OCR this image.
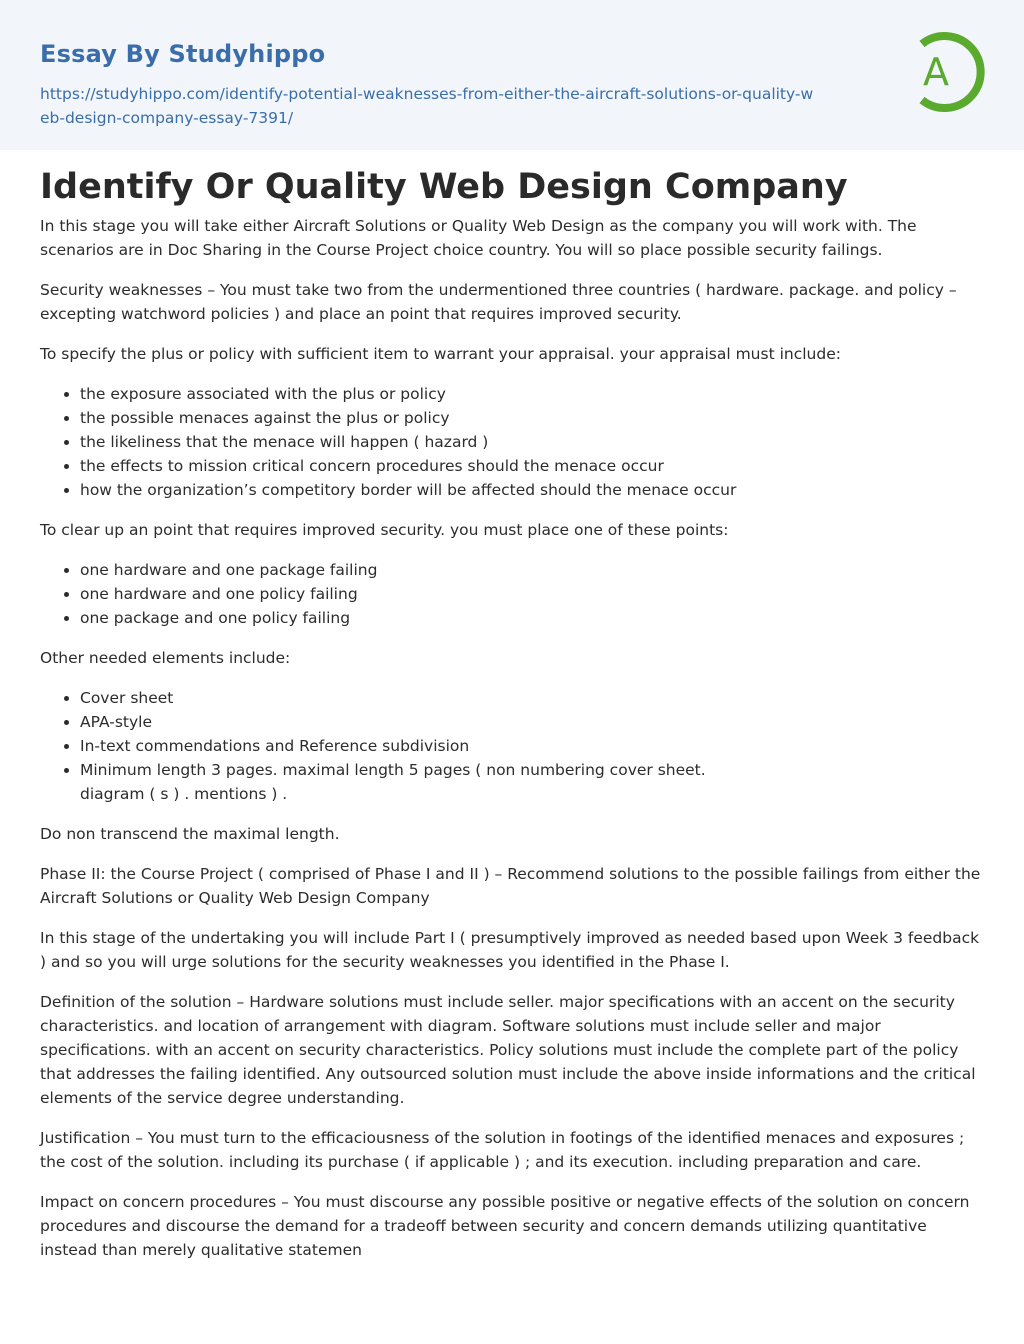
Essay By Studyhippo
https://studyhippo.com/identify-potential-weaknesses-from-either-the-aircraft-solutions-or-quality-web-design-company-essay-7391/
A
Identify Or Quality Web Design Company

In this stage you will take either Aircraft Solutions or Quality Web Design as the company you will work with. The scenarios are in Doc Sharing in the Course Project choice country. You will so place possible security failings.

Security weaknesses – You must take two from the undermentioned three countries ( hardware. package. and policy – excepting watchword policies ) and place an point that requires improved security.

To specify the plus or policy with sufficient item to warrant your appraisal. your appraisal must include:

• the exposure associated with the plus or policy
• the possible menaces against the plus or policy
• the likeliness that the menace will happen ( hazard )
• the effects to mission critical concern procedures should the menace occur
• how the organization’s competitory border will be affected should the menace occur

To clear up an point that requires improved security. you must place one of these points:

• one hardware and one package failing
• one hardware and one policy failing
• one package and one policy failing

Other needed elements include:

• Cover sheet
• APA-style
• In-text commendations and Reference subdivision
• Minimum length 3 pages. maximal length 5 pages ( non numbering cover sheet. diagram ( s ) . mentions ) .

Do non transcend the maximal length.

Phase II: the Course Project ( comprised of Phase I and II ) – Recommend solutions to the possible failings from either the Aircraft Solutions or Quality Web Design Company

In this stage of the undertaking you will include Part I ( presumptively improved as needed based upon Week 3 feedback ) and so you will urge solutions for the security weaknesses you identified in the Phase I.

Definition of the solution – Hardware solutions must include seller. major specifications with an accent on the security characteristics. and location of arrangement with diagram. Software solutions must include seller and major specifications. with an accent on security characteristics. Policy solutions must include the complete part of the policy that addresses the failing identified. Any outsourced solution must include the above inside informations and the critical elements of the service degree understanding.

Justification – You must turn to the efficaciousness of the solution in footings of the identified menaces and exposures ; the cost of the solution. including its purchase ( if applicable ) ; and its execution. including preparation and care.

Impact on concern procedures – You must discourse any possible positive or negative effects of the solution on concern procedures and discourse the demand for a tradeoff between security and concern demands utilizing quantitative instead than merely qualitative statemen
